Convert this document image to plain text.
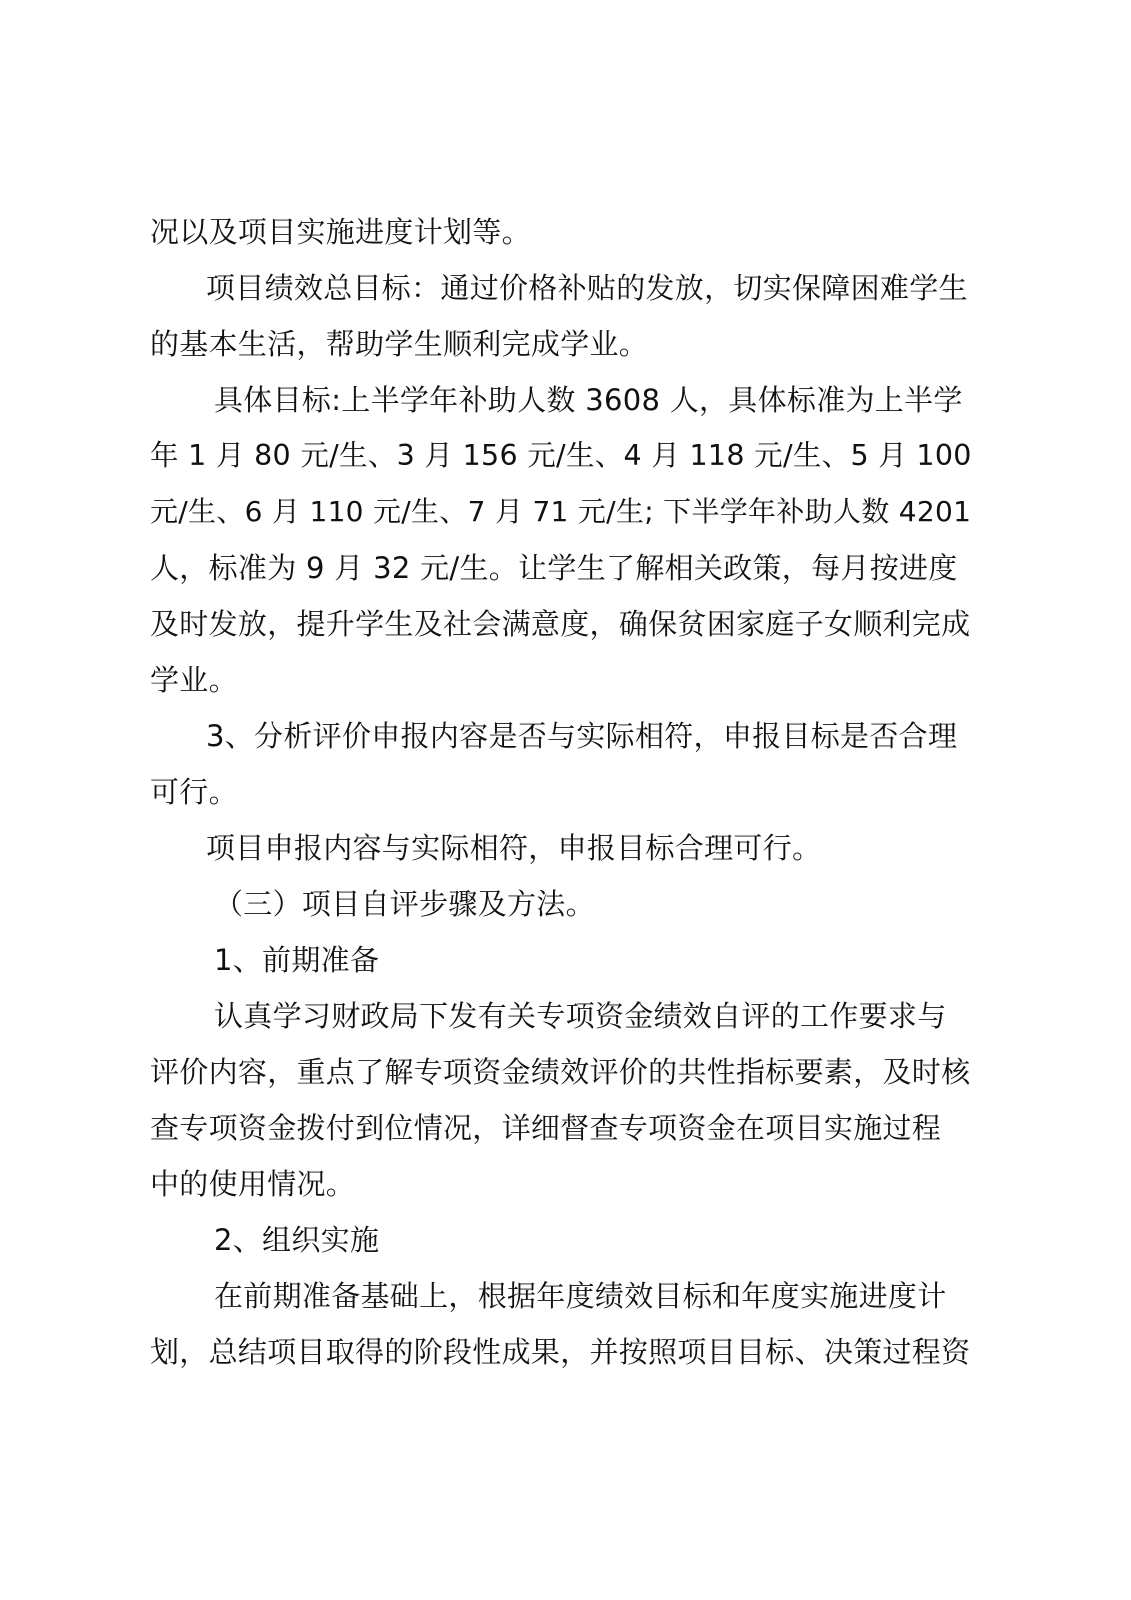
况以及项目实施进度计划等。
项目绩效总目标：通过价格补贴的发放，切实保障困难学生
的基本生活，帮助学生顺利完成学业。
具体目标:上半学年补助人数 3608 人，具体标准为上半学
年 1 月 80 元/生、3 月 156 元/生、4 月 118 元/生、5 月 100
元/生、6 月 110 元/生、7 月 71 元/生; 下半学年补助人数 4201
人，标准为 9 月 32 元/生。让学生了解相关政策，每月按进度
及时发放，提升学生及社会满意度，确保贫困家庭子女顺利完成
学业。
3、分析评价申报内容是否与实际相符，申报目标是否合理
可行。
项目申报内容与实际相符，申报目标合理可行。
（三）项目自评步骤及方法。
1、前期准备
认真学习财政局下发有关专项资金绩效自评的工作要求与
评价内容，重点了解专项资金绩效评价的共性指标要素，及时核
查专项资金拨付到位情况，详细督查专项资金在项目实施过程
中的使用情况。
2、组织实施
在前期准备基础上，根据年度绩效目标和年度实施进度计
划，总结项目取得的阶段性成果，并按照项目目标、决策过程资
